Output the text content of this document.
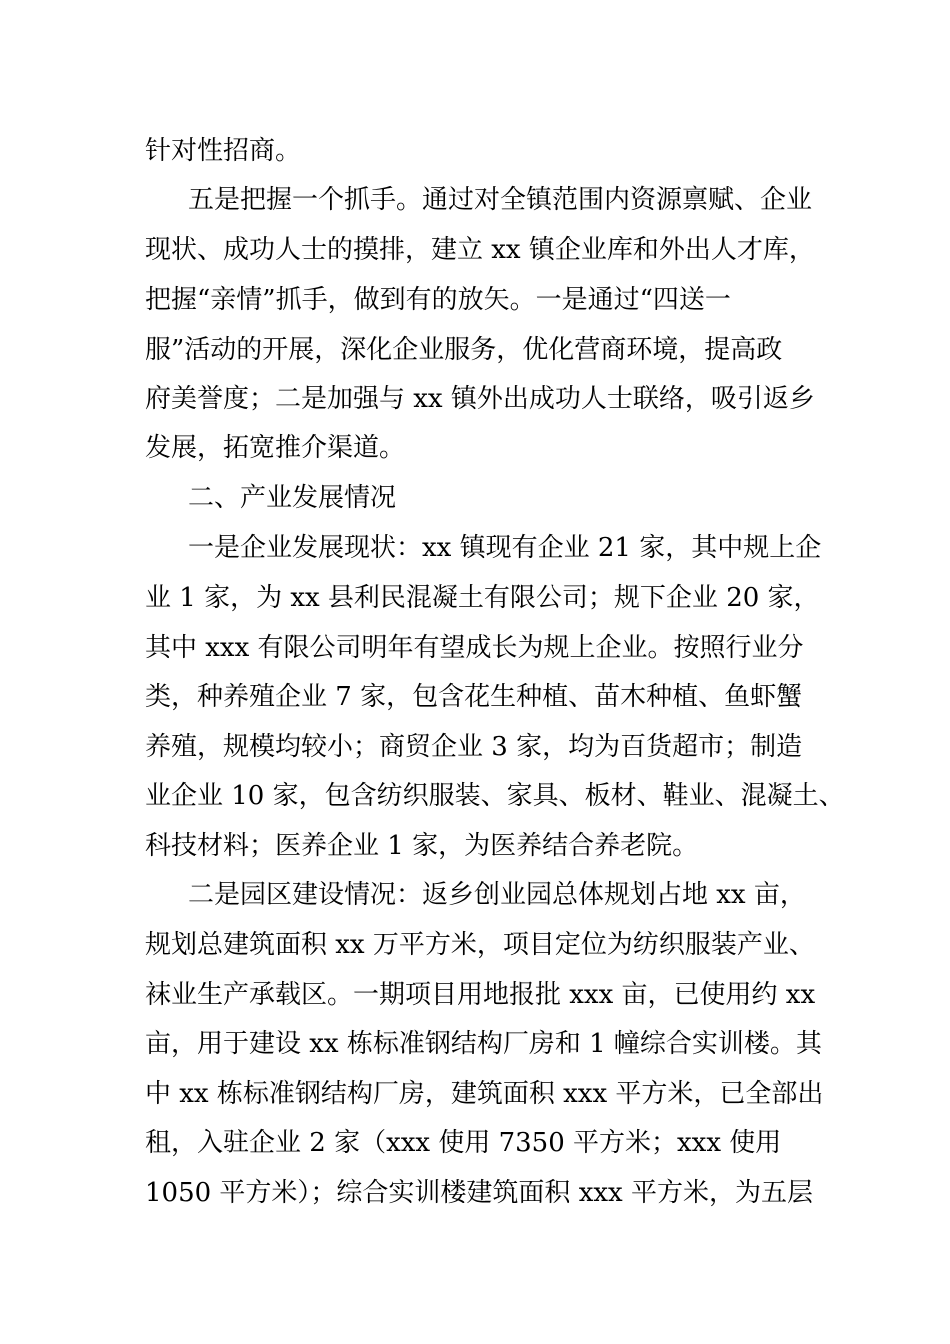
针对性招商。
五是把握一个抓手。通过对全镇范围内资源禀赋、企业
现状、成功人士的摸排，建立 xx 镇企业库和外出人才库，
把握“亲情”抓手，做到有的放矢。一是通过“四送一
服”活动的开展，深化企业服务，优化营商环境，提高政
府美誉度；二是加强与 xx 镇外出成功人士联络，吸引返乡
发展，拓宽推介渠道。
二、产业发展情况
一是企业发展现状：xx 镇现有企业 21 家，其中规上企
业 1 家，为 xx 县利民混凝土有限公司；规下企业 20 家，
其中 xxx 有限公司明年有望成长为规上企业。按照行业分
类，种养殖企业 7 家，包含花生种植、苗木种植、鱼虾蟹
养殖，规模均较小；商贸企业 3 家，均为百货超市；制造
业企业 10 家，包含纺织服装、家具、板材、鞋业、混凝土、
科技材料；医养企业 1 家，为医养结合养老院。
二是园区建设情况：返乡创业园总体规划占地 xx 亩，
规划总建筑面积 xx 万平方米，项目定位为纺织服装产业、
袜业生产承载区。一期项目用地报批 xxx 亩，已使用约 xx
亩，用于建设 xx 栋标准钢结构厂房和 1 幢综合实训楼。其
中 xx 栋标准钢结构厂房，建筑面积 xxx 平方米，已全部出
租，入驻企业 2 家（xxx 使用 7350 平方米；xxx 使用
1050 平方米）；综合实训楼建筑面积 xxx 平方米，为五层
